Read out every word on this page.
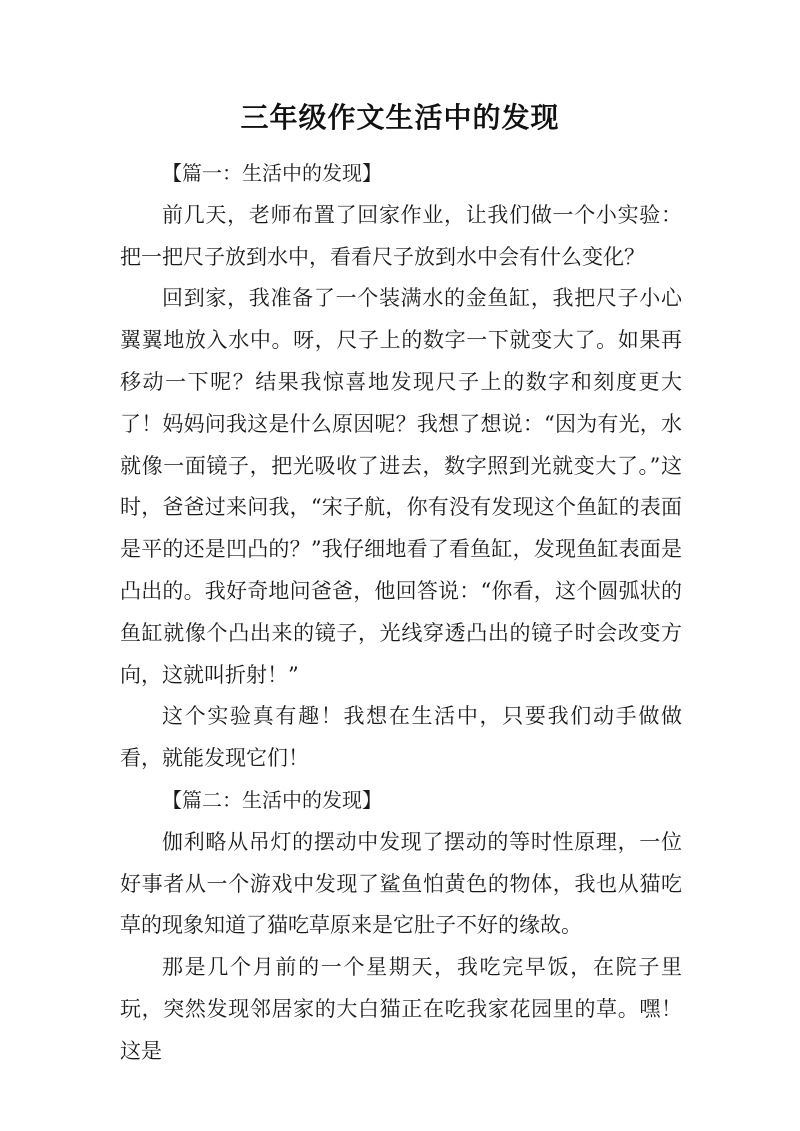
三年级作文生活中的发现

【篇一：生活中的发现】

前几天，老师布置了回家作业，让我们做一个小实验：把一把尺子放到水中，看看尺子放到水中会有什么变化？

回到家，我准备了一个装满水的金鱼缸，我把尺子小心翼翼地放入水中。呀，尺子上的数字一下就变大了。如果再移动一下呢？结果我惊喜地发现尺子上的数字和刻度更大了！妈妈问我这是什么原因呢？我想了想说：“因为有光，水就像一面镜子，把光吸收了进去，数字照到光就变大了。”这时，爸爸过来问我，“宋子航，你有没有发现这个鱼缸的表面是平的还是凹凸的？”我仔细地看了看鱼缸，发现鱼缸表面是凸出的。我好奇地问爸爸，他回答说：“你看，这个圆弧状的鱼缸就像个凸出来的镜子，光线穿透凸出的镜子时会改变方向，这就叫折射！”

这个实验真有趣！我想在生活中，只要我们动手做做看，就能发现它们！

【篇二：生活中的发现】

伽利略从吊灯的摆动中发现了摆动的等时性原理，一位好事者从一个游戏中发现了鲨鱼怕黄色的物体，我也从猫吃草的现象知道了猫吃草原来是它肚子不好的缘故。

那是几个月前的一个星期天，我吃完早饭，在院子里玩，突然发现邻居家的大白猫正在吃我家花园里的草。嘿！这是
